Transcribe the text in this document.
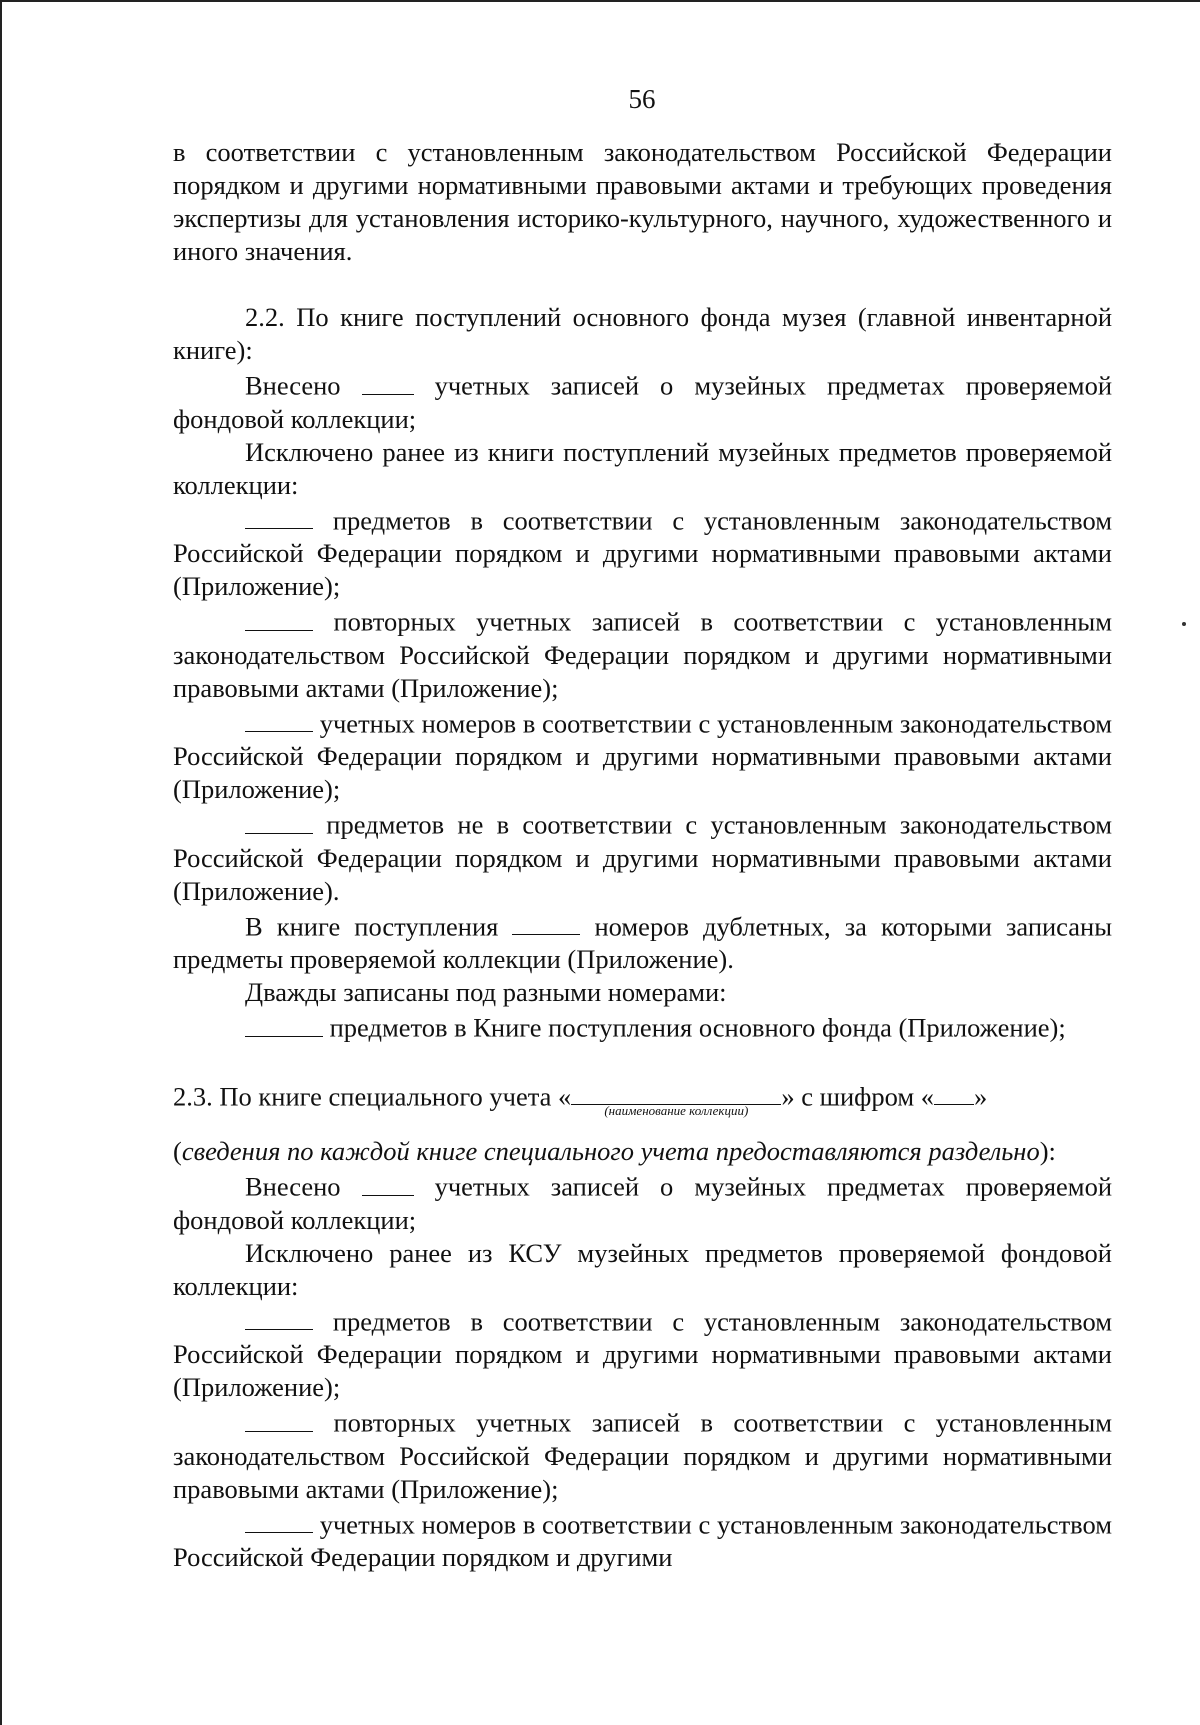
56

в соответствии с установленным законодательством Российской Федерации порядком и другими нормативными правовыми актами и требующих проведения экспертизы для установления историко-культурного, научного, художественного и иного значения.

2.2. По книге поступлений основного фонда музея (главной инвентарной книге):

Внесено	учетных записей о музейных предметах проверяемой фондовой коллекции;

Исключено ранее из книги поступлений музейных предметов проверяемой коллекции:

предметов в соответствии с установленным законодательством Российской Федерации порядком и другими нормативными правовыми актами (Приложение);

повторных учетных записей в соответствии с установленным законодательством Российской Федерации порядком и другими нормативными правовыми актами (Приложение);

учетных номеров в соответствии с установленным законодательством Российской Федерации порядком и другими нормативными правовыми актами (Приложение);

предметов не в соответствии с установленным законодательством Российской Федерации порядком и другими нормативными правовыми актами (Приложение).

В книге поступления	номеров дублетных, за которыми записаны предметы проверяемой коллекции (Приложение).

Дважды записаны под разными номерами:

предметов в Книге поступления основного фонда (Приложение);

2.3. По книге специального учета «	(наименование коллекции) » с шифром « »

(сведения по каждой книге специального учета предоставляются раздельно):

Внесено	учетных записей о музейных предметах проверяемой фондовой коллекции;

Исключено ранее из КСУ музейных предметов проверяемой фондовой коллекции:

предметов в соответствии с установленным законодательством Российской Федерации порядком и другими нормативными правовыми актами (Приложение);

повторных учетных записей в соответствии с установленным законодательством Российской Федерации порядком и другими нормативными правовыми актами (Приложение);

учетных номеров в соответствии с установленным законодательством Российской Федерации порядком и другими
